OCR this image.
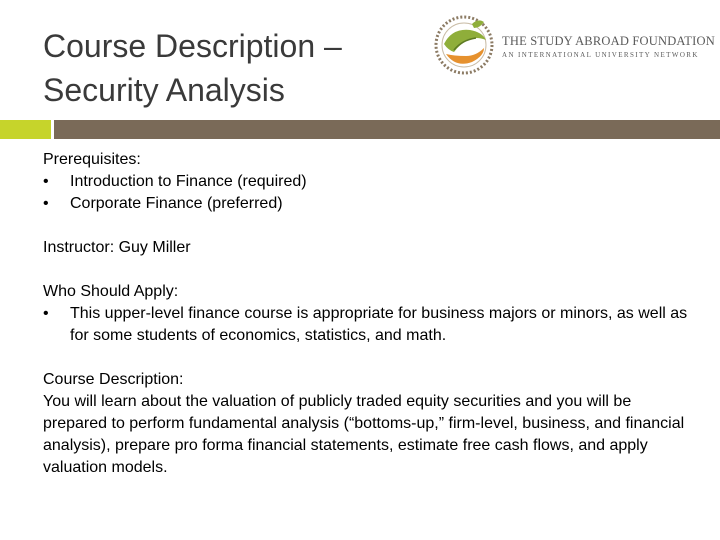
Course Description –
Security Analysis
THE STUDY ABROAD FOUNDATION
AN INTERNATIONAL UNIVERSITY NETWORK

Prerequisites:

•	Introduction to Finance (required)
•	Corporate Finance (preferred)

Instructor: Guy Miller

Who Should Apply:

•	This upper-level finance course is appropriate for business majors or minors, as well as for some students of economics, statistics, and math.

Course Description:

You will learn about the valuation of publicly traded equity securities and you will be prepared to perform fundamental analysis (“bottoms-up,” firm-level, business, and financial analysis), prepare pro forma financial statements, estimate free cash flows, and apply valuation models.
